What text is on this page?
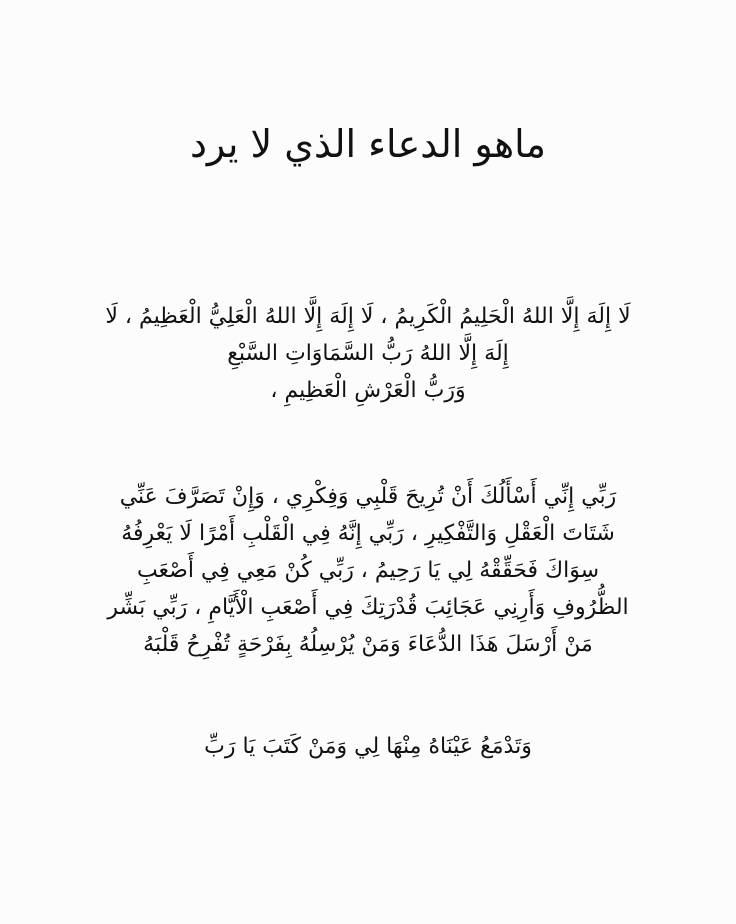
ماهو الدعاء الذي لا يرد

لَا إِلَهَ إِلَّا اللهُ الْحَلِيمُ الْكَرِيمُ ، لَا إِلَهَ إِلَّا اللهُ الْعَلِيُّ الْعَظِيمُ ، لَا
إِلَهَ إِلَّا اللهُ رَبُّ السَّمَاوَاتِ السَّبْعِ
وَرَبُّ الْعَرْشِ الْعَظِيمِ ،

رَبِّي إِنِّي أَسْأَلُكَ أَنْ تُرِيحَ قَلْبِي وَفِكْرِي ، وَإِنْ تَصَرَّفَ عَنِّي
شَتَاتَ الْعَقْلِ وَالتَّفْكِيرِ ، رَبِّي إِنَّهُ فِي الْقَلْبِ أَمْرًا لَا يَعْرِفُهُ
سِوَاكَ فَحَقِّقْهُ لِي يَا رَحِيمُ ، رَبِّي كُنْ مَعِي فِي أَصْعَبِ
الظُّرُوفِ وَأَرِنِي عَجَائِبَ قُدْرَتِكَ فِي أَصْعَبِ الْأَيَّامِ ، رَبِّي بَشِّر
مَنْ أَرْسَلَ هَذَا الدُّعَاءَ وَمَنْ يُرْسِلُهُ بِفَرْحَةٍ تُفْرِحُ قَلْبَهُ

وَتَدْمَعُ عَيْنَاهُ مِنْهَا لِي وَمَنْ كَتَبَ يَا رَبِّ
